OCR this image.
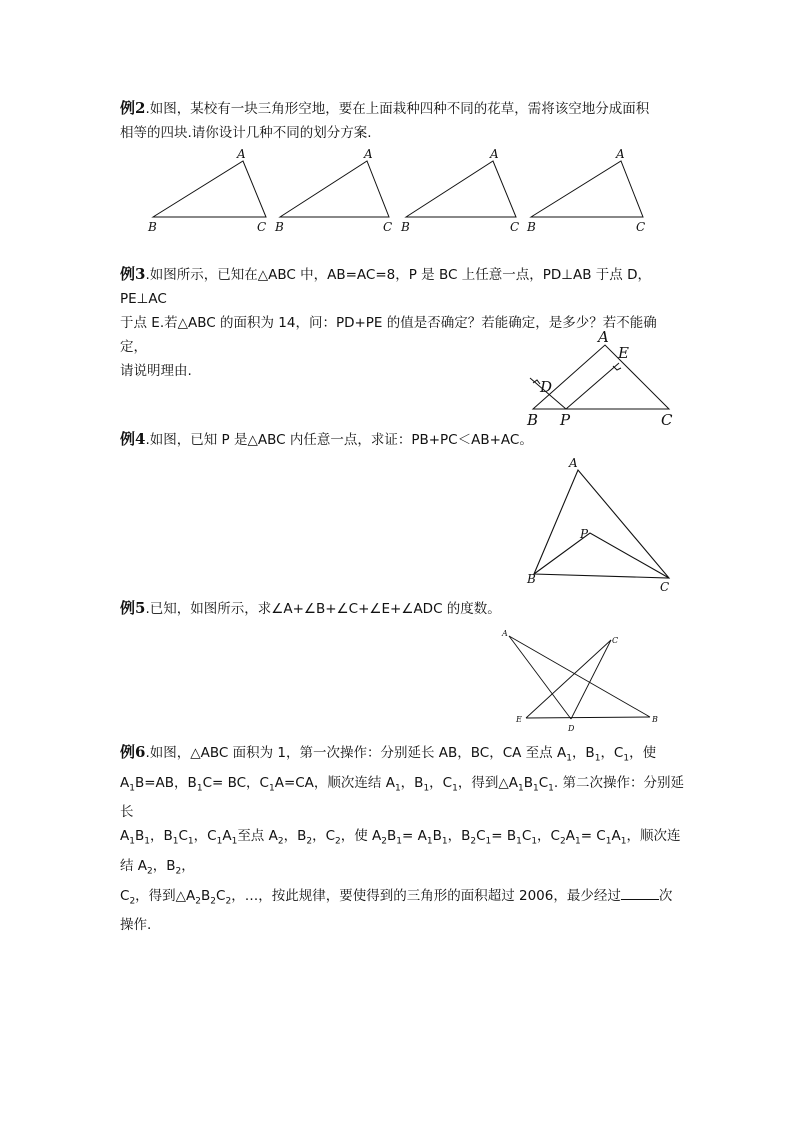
例2.如图，某校有一块三角形空地，要在上面栽种四种不同的花草，需将该空地分成面积
相等的四块.请你设计几种不同的划分方案.
A
B	C
A
B	C
A
B	C
A
B	C
例3.如图所示，已知在△ABC 中，AB=AC=8，P 是 BC 上任意一点，PD⊥AB 于点 D，PE⊥AC
于点 E.若△ABC 的面积为 14，问：PD+PE 的值是否确定？若能确定，是多少？若不能确定，
请说明理由.
A
E
D
B P	C
例4.如图，已知 P 是△ABC 内任意一点，求证：PB+PC＜AB+AC。
A
P
B
C
例5.已知，如图所示，求∠A+∠B+∠C+∠E+∠ADC 的度数。
A
C
E
D
B
例6.如图，△ABC 面积为 1，第一次操作：分别延长 AB，BC，CA 至点 $A_1$，$B_1$，$C_1$，使
$A_1B=AB$，$B_1C=$ BC，$C_1A=CA$，顺次连结 $A_1$，$B_1$，$C_1$，得到$\triangle A_1B_1C_1$. 第二次操作：分别延长
$A_1B_1$，$B_1C_1$，$C_1A_1$至点 $A_2$，$B_2$，$C_2$，使 $A_2B_1= A_1B_1$，$B_2C_1= B_1C_1$，$C_2A_1= C_1A_1$，顺次连结 $A_2$，$B_2$，
$C_2$，得到$\triangle A_2B_2C_2$，…，按此规律，要使得到的三角形的面积超过 2006，最少经过	次
操作.
